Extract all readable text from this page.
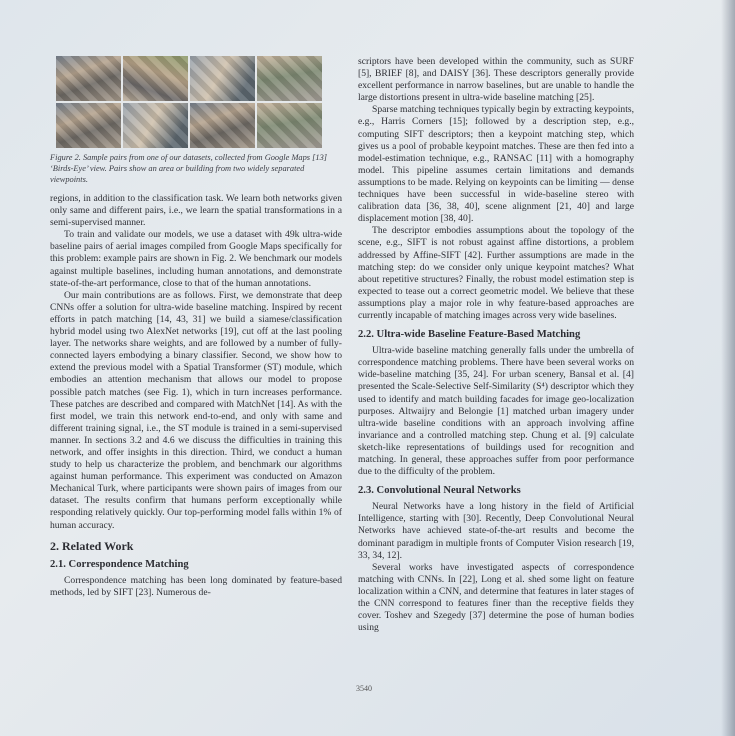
Figure 2. Sample pairs from one of our datasets, collected from Google Maps [13] ‘Birds-Eye’ view. Pairs show an area or building from two widely separated viewpoints.

regions, in addition to the classification task. We learn both networks given only same and different pairs, i.e., we learn the spatial transformations in a semi-supervised manner.

To train and validate our models, we use a dataset with 49k ultra-wide baseline pairs of aerial images compiled from Google Maps specifically for this problem: example pairs are shown in Fig. 2. We benchmark our models against multiple baselines, including human annotations, and demonstrate state-of-the-art performance, close to that of the human annotations.

Our main contributions are as follows. First, we demonstrate that deep CNNs offer a solution for ultra-wide baseline matching. Inspired by recent efforts in patch matching [14, 43, 31] we build a siamese/classification hybrid model using two AlexNet networks [19], cut off at the last pooling layer. The networks share weights, and are followed by a number of fully-connected layers embodying a binary classifier. Second, we show how to extend the previous model with a Spatial Transformer (ST) module, which embodies an attention mechanism that allows our model to propose possible patch matches (see Fig. 1), which in turn increases performance. These patches are described and compared with MatchNet [14]. As with the first model, we train this network end-to-end, and only with same and different training signal, i.e., the ST module is trained in a semi-supervised manner. In sections 3.2 and 4.6 we discuss the difficulties in training this network, and offer insights in this direction. Third, we conduct a human study to help us characterize the problem, and benchmark our algorithms against human performance. This experiment was conducted on Amazon Mechanical Turk, where participants were shown pairs of images from our dataset. The results confirm that humans perform exceptionally while responding relatively quickly. Our top-performing model falls within 1% of human accuracy.

2. Related Work
2.1. Correspondence Matching

Correspondence matching has been long dominated by feature-based methods, led by SIFT [23]. Numerous de-

scriptors have been developed within the community, such as SURF [5], BRIEF [8], and DAISY [36]. These descriptors generally provide excellent performance in narrow baselines, but are unable to handle the large distortions present in ultra-wide baseline matching [25].

Sparse matching techniques typically begin by extracting keypoints, e.g., Harris Corners [15]; followed by a description step, e.g., computing SIFT descriptors; then a keypoint matching step, which gives us a pool of probable keypoint matches. These are then fed into a model-estimation technique, e.g., RANSAC [11] with a homography model. This pipeline assumes certain limitations and demands assumptions to be made. Relying on keypoints can be limiting — dense techniques have been successful in wide-baseline stereo with calibration data [36, 38, 40], scene alignment [21, 40] and large displacement motion [38, 40].

The descriptor embodies assumptions about the topology of the scene, e.g., SIFT is not robust against affine distortions, a problem addressed by Affine-SIFT [42]. Further assumptions are made in the matching step: do we consider only unique keypoint matches? What about repetitive structures? Finally, the robust model estimation step is expected to tease out a correct geometric model. We believe that these assumptions play a major role in why feature-based approaches are currently incapable of matching images across very wide baselines.

2.2. Ultra-wide Baseline Feature-Based Matching

Ultra-wide baseline matching generally falls under the umbrella of correspondence matching problems. There have been several works on wide-baseline matching [35, 24]. For urban scenery, Bansal et al. [4] presented the Scale-Selective Self-Similarity (S⁴) descriptor which they used to identify and match building facades for image geo-localization purposes. Altwaijry and Belongie [1] matched urban imagery under ultra-wide baseline conditions with an approach involving affine invariance and a controlled matching step. Chung et al. [9] calculate sketch-like representations of buildings used for recognition and matching. In general, these approaches suffer from poor performance due to the difficulty of the problem.

2.3. Convolutional Neural Networks

Neural Networks have a long history in the field of Artificial Intelligence, starting with [30]. Recently, Deep Convolutional Neural Networks have achieved state-of-the-art results and become the dominant paradigm in multiple fronts of Computer Vision research [19, 33, 34, 12].

Several works have investigated aspects of correspondence matching with CNNs. In [22], Long et al. shed some light on feature localization within a CNN, and determine that features in later stages of the CNN correspond to features finer than the receptive fields they cover. Toshev and Szegedy [37] determine the pose of human bodies using

3540
